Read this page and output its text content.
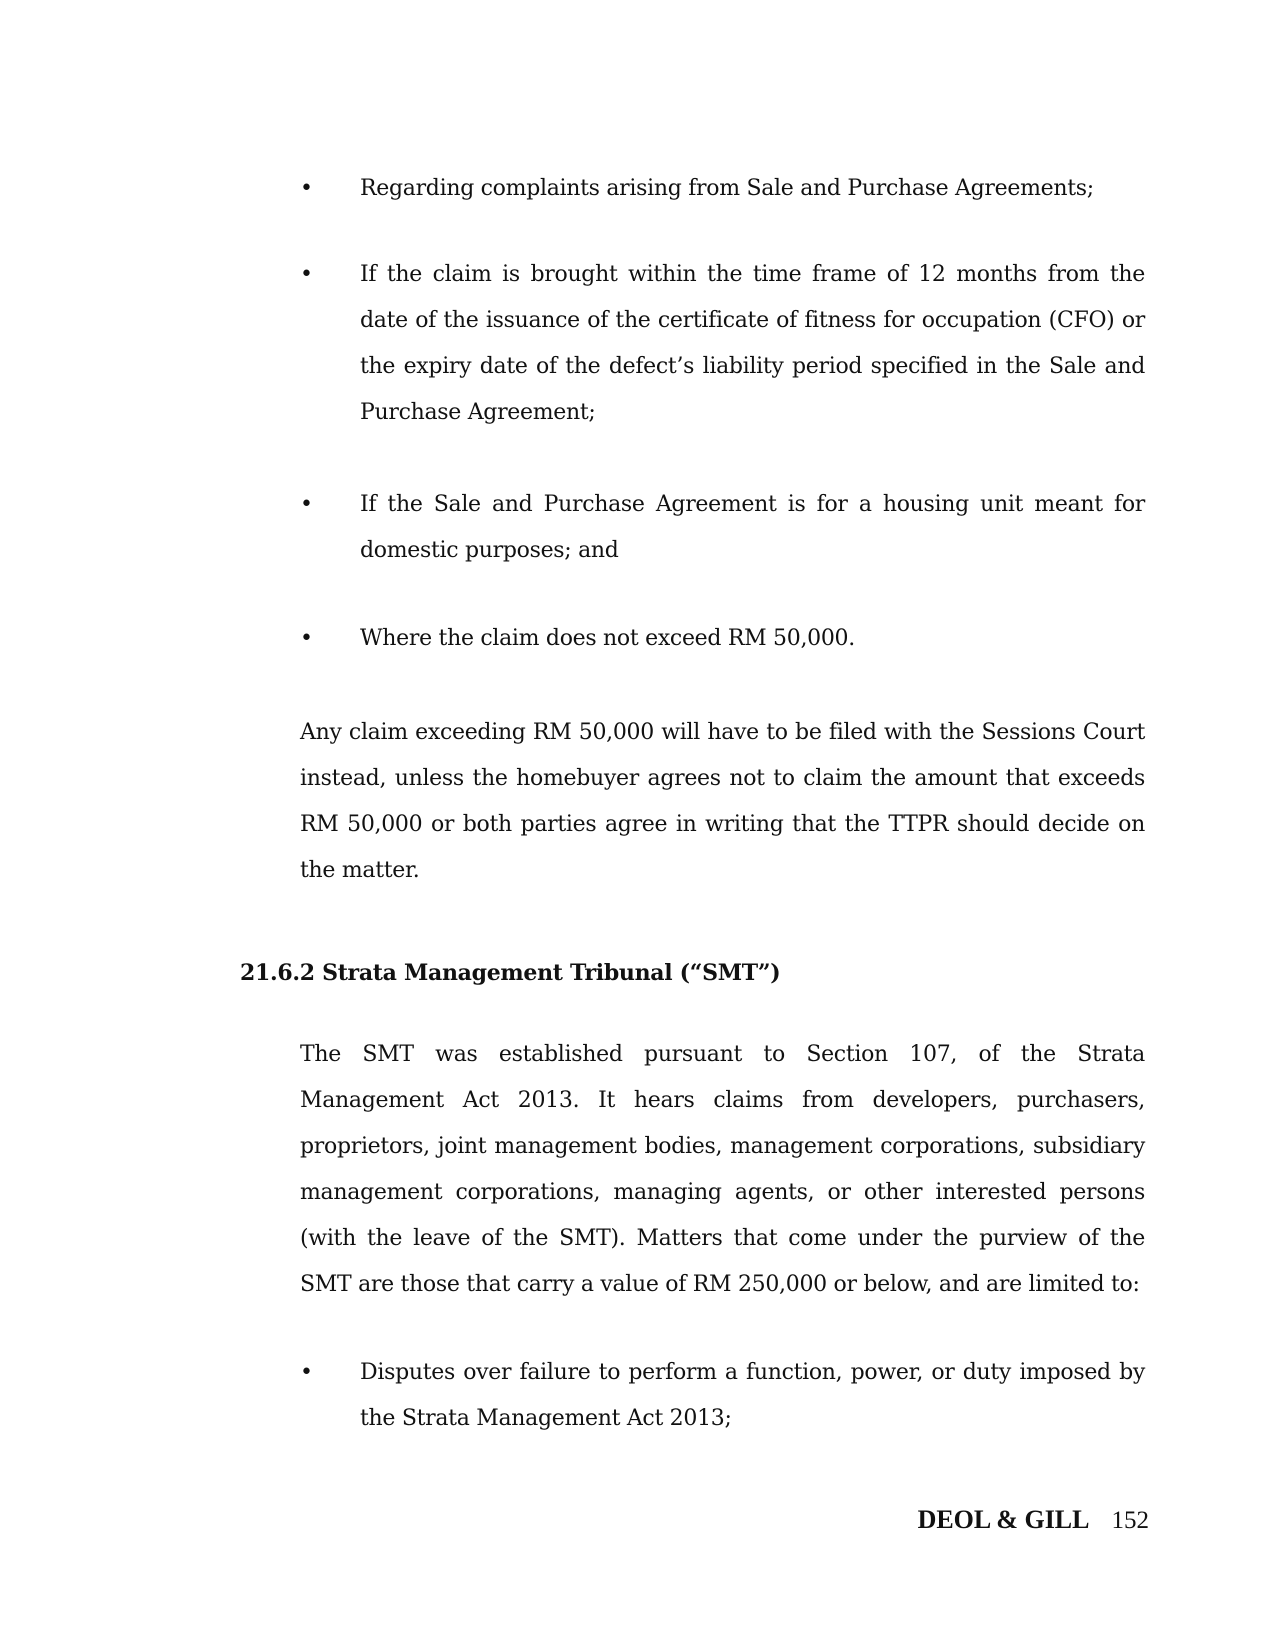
•	Regarding complaints arising from Sale and Purchase Agreements;
•	If the claim is brought within the time frame of 12 months from the date of the issuance of the certificate of fitness for occupation (CFO) or the expiry date of the defect’s liability period specified in the Sale and Purchase Agreement;
•	If the Sale and Purchase Agreement is for a housing unit meant for domestic purposes; and
•	Where the claim does not exceed RM 50,000.
Any claim exceeding RM 50,000 will have to be filed with the Sessions Court instead, unless the homebuyer agrees not to claim the amount that exceeds RM 50,000 or both parties agree in writing that the TTPR should decide on the matter.
21.6.2 Strata Management Tribunal (“SMT”)
The SMT was established pursuant to Section 107, of the Strata Management Act 2013. It hears claims from developers, purchasers, proprietors, joint management bodies, management corporations, subsidiary management corporations, managing agents, or other interested persons (with the leave of the SMT). Matters that come under the purview of the SMT are those that carry a value of RM 250,000 or below, and are limited to:
•	Disputes over failure to perform a function, power, or duty imposed by the Strata Management Act 2013;
DEOL & GILL 152
